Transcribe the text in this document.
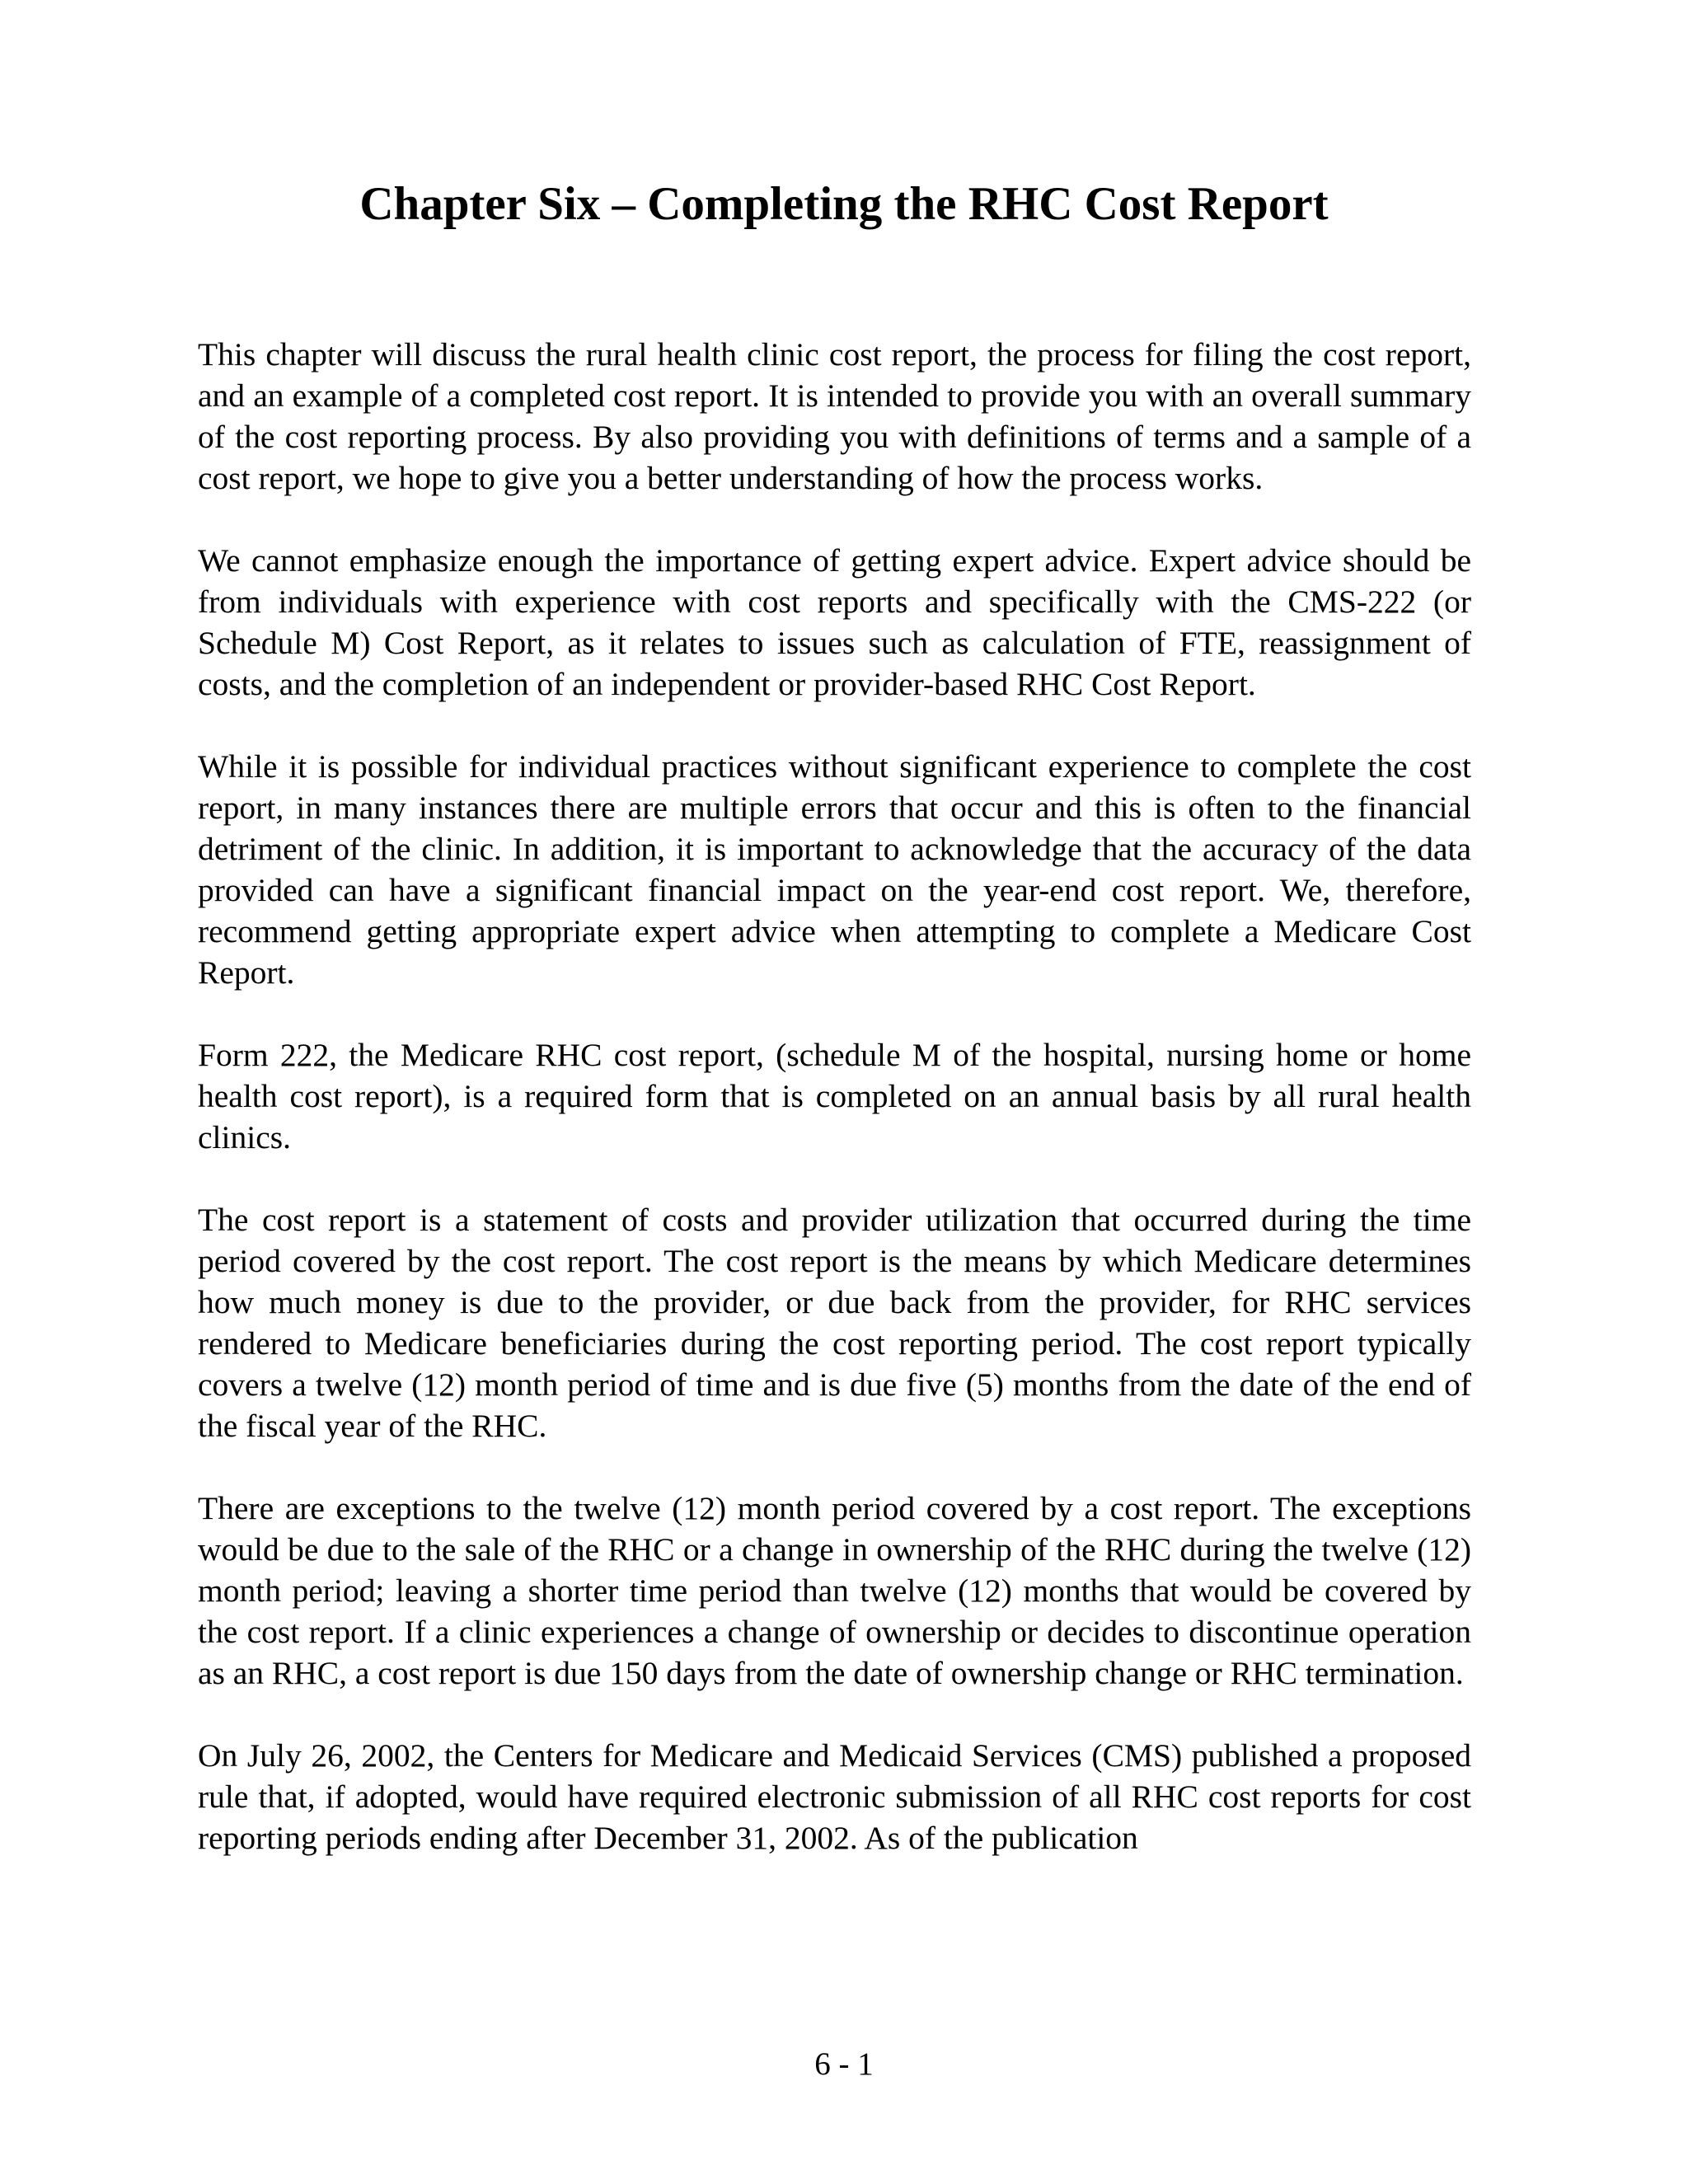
Chapter Six – Completing the RHC Cost Report

This chapter will discuss the rural health clinic cost report, the process for filing the cost report, and an example of a completed cost report. It is intended to provide you with an overall summary of the cost reporting process. By also providing you with definitions of terms and a sample of a cost report, we hope to give you a better understanding of how the process works.

We cannot emphasize enough the importance of getting expert advice. Expert advice should be from individuals with experience with cost reports and specifically with the CMS-222 (or Schedule M) Cost Report, as it relates to issues such as calculation of FTE, reassignment of costs, and the completion of an independent or provider-based RHC Cost Report.

While it is possible for individual practices without significant experience to complete the cost report, in many instances there are multiple errors that occur and this is often to the financial detriment of the clinic. In addition, it is important to acknowledge that the accuracy of the data provided can have a significant financial impact on the year-end cost report. We, therefore, recommend getting appropriate expert advice when attempting to complete a Medicare Cost Report.

Form 222, the Medicare RHC cost report, (schedule M of the hospital, nursing home or home health cost report), is a required form that is completed on an annual basis by all rural health clinics.

The cost report is a statement of costs and provider utilization that occurred during the time period covered by the cost report. The cost report is the means by which Medicare determines how much money is due to the provider, or due back from the provider, for RHC services rendered to Medicare beneficiaries during the cost reporting period. The cost report typically covers a twelve (12) month period of time and is due five (5) months from the date of the end of the fiscal year of the RHC.

There are exceptions to the twelve (12) month period covered by a cost report. The exceptions would be due to the sale of the RHC or a change in ownership of the RHC during the twelve (12) month period; leaving a shorter time period than twelve (12) months that would be covered by the cost report. If a clinic experiences a change of ownership or decides to discontinue operation as an RHC, a cost report is due 150 days from the date of ownership change or RHC termination.

On July 26, 2002, the Centers for Medicare and Medicaid Services (CMS) published a proposed rule that, if adopted, would have required electronic submission of all RHC cost reports for cost reporting periods ending after December 31, 2002. As of the publication

6 - 1
